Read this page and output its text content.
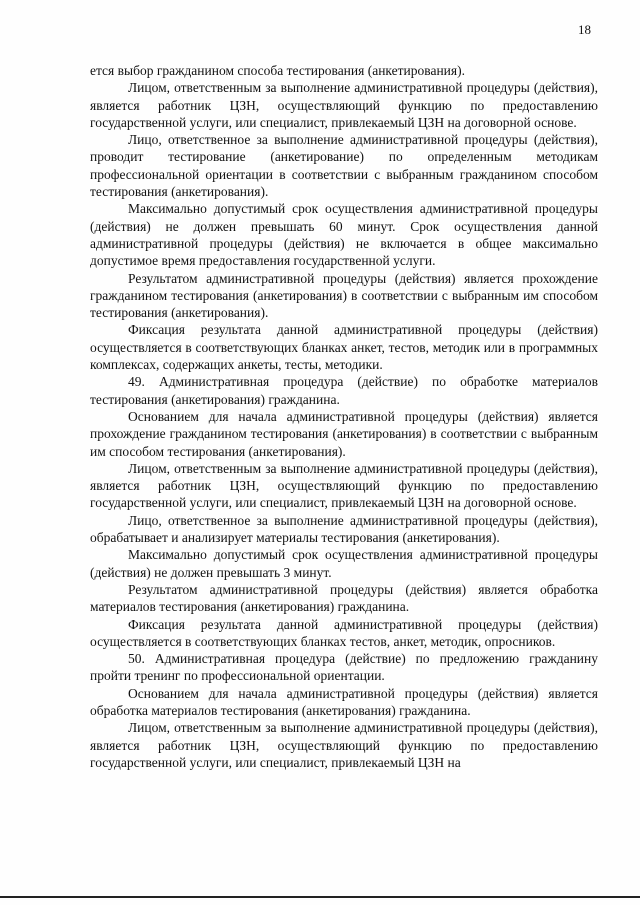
18

ется выбор гражданином способа тестирования (анкетирования).

Лицом, ответственным за выполнение административной процедуры (действия), является работник ЦЗН, осуществляющий функцию по предоставлению государственной услуги, или специалист, привлекаемый ЦЗН на договорной основе.

Лицо, ответственное за выполнение административной процедуры (действия), проводит тестирование (анкетирование) по определенным методикам профессиональной ориентации в соответствии с выбранным гражданином способом тестирования (анкетирования).

Максимально допустимый срок осуществления административной процедуры (действия) не должен превышать 60 минут. Срок осуществления данной административной процедуры (действия) не включается в общее максимально допустимое время предоставления государственной услуги.

Результатом административной процедуры (действия) является прохождение гражданином тестирования (анкетирования) в соответствии с выбранным им способом тестирования (анкетирования).

Фиксация результата данной административной процедуры (действия) осуществляется в соответствующих бланках анкет, тестов, методик или в программных комплексах, содержащих анкеты, тесты, методики.

49. Административная процедура (действие) по обработке материалов тестирования (анкетирования) гражданина.

Основанием для начала административной процедуры (действия) является прохождение гражданином тестирования (анкетирования) в соответствии с выбранным им способом тестирования (анкетирования).

Лицом, ответственным за выполнение административной процедуры (действия), является работник ЦЗН, осуществляющий функцию по предоставлению государственной услуги, или специалист, привлекаемый ЦЗН на договорной основе.

Лицо, ответственное за выполнение административной процедуры (действия), обрабатывает и анализирует материалы тестирования (анкетирования).

Максимально допустимый срок осуществления административной процедуры (действия) не должен превышать 3 минут.

Результатом административной процедуры (действия) является обработка материалов тестирования (анкетирования) гражданина.

Фиксация результата данной административной процедуры (действия) осуществляется в соответствующих бланках тестов, анкет, методик, опросников.

50. Административная процедура (действие) по предложению гражданину пройти тренинг по профессиональной ориентации.

Основанием для начала административной процедуры (действия) является обработка материалов тестирования (анкетирования) гражданина.

Лицом, ответственным за выполнение административной процедуры (действия), является работник ЦЗН, осуществляющий функцию по предоставлению государственной услуги, или специалист, привлекаемый ЦЗН на
